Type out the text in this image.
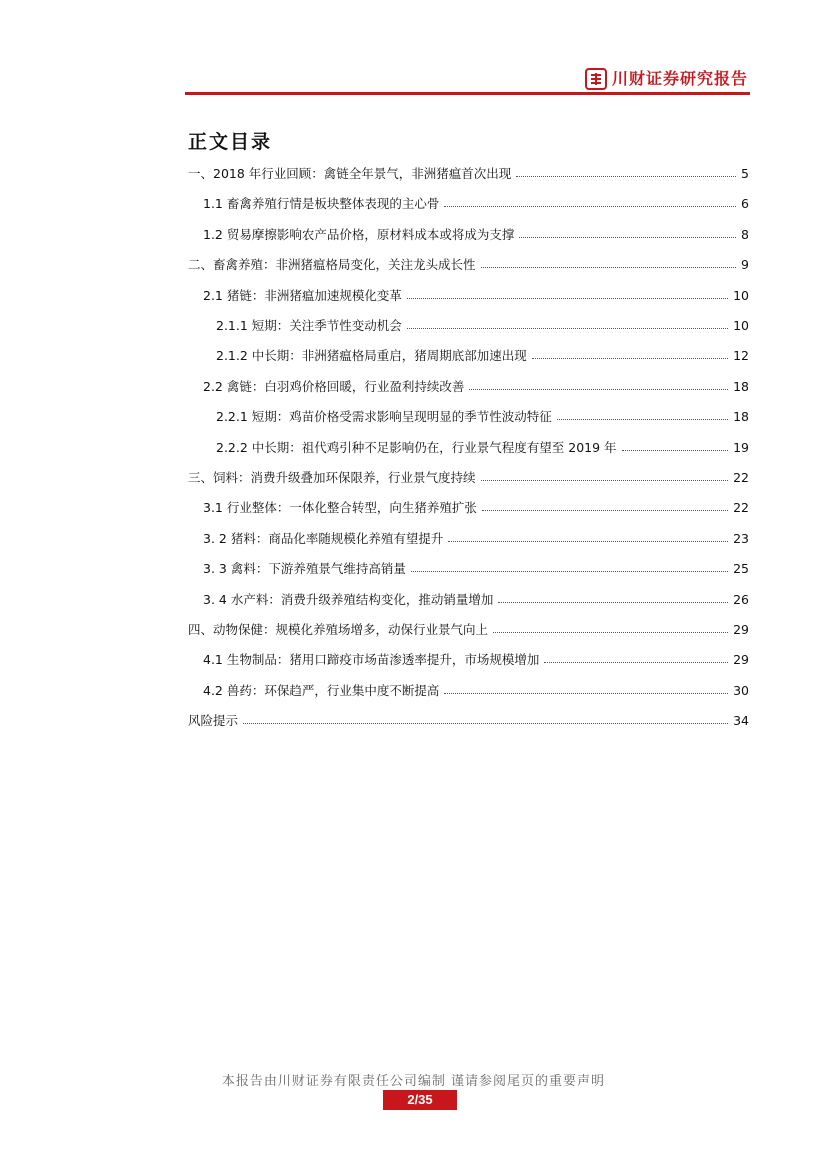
川财证券研究报告
正文目录
一、2018 年行业回顾：禽链全年景气，非洲猪瘟首次出现	5
1.1 畜禽养殖行情是板块整体表现的主心骨	6
1.2 贸易摩擦影响农产品价格，原材料成本或将成为支撑	8
二、畜禽养殖：非洲猪瘟格局变化，关注龙头成长性	9
2.1 猪链：非洲猪瘟加速规模化变革	10
2.1.1 短期：关注季节性变动机会	10
2.1.2 中长期：非洲猪瘟格局重启，猪周期底部加速出现	12
2.2 禽链：白羽鸡价格回暖，行业盈利持续改善	18
2.2.1 短期：鸡苗价格受需求影响呈现明显的季节性波动特征	18
2.2.2 中长期：祖代鸡引种不足影响仍在，行业景气程度有望至 2019 年	19
三、饲料：消费升级叠加环保限养，行业景气度持续	22
3.1 行业整体：一体化整合转型，向生猪养殖扩张	22
3. 2 猪料：商品化率随规模化养殖有望提升	23
3. 3 禽料：下游养殖景气维持高销量	25
3. 4 水产料：消费升级养殖结构变化，推动销量增加	26
四、动物保健：规模化养殖场增多，动保行业景气向上	29
4.1 生物制品：猪用口蹄疫市场苗渗透率提升，市场规模增加	29
4.2 兽药：环保趋严，行业集中度不断提高	30
风险提示	34
本报告由川财证券有限责任公司编制 谨请参阅尾页的重要声明
2/35
